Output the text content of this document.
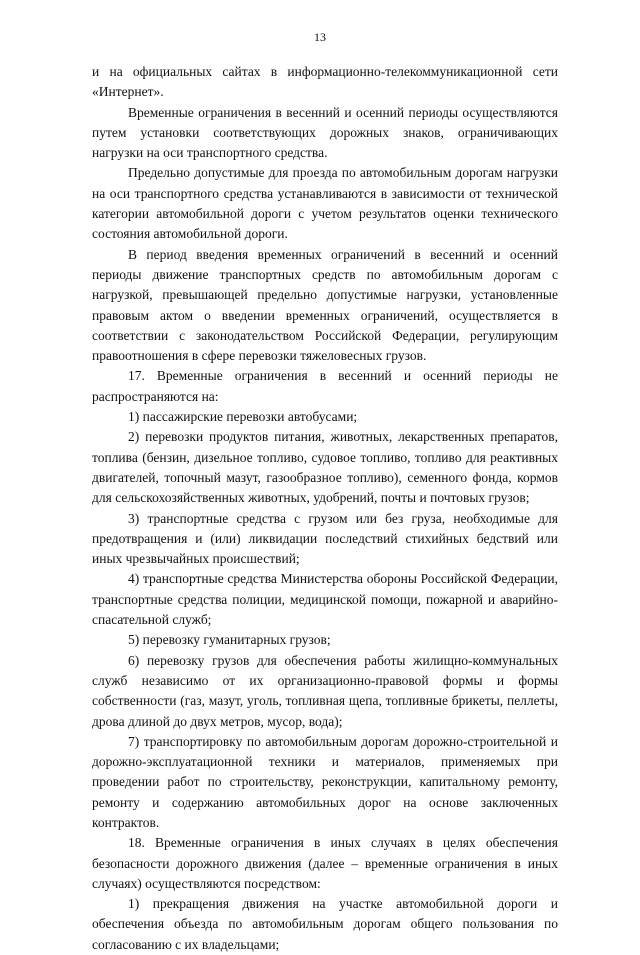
13

и на официальных сайтах в информационно-телекоммуникационной сети «Интернет».

Временные ограничения в весенний и осенний периоды осуществляются путем установки соответствующих дорожных знаков, ограничивающих нагрузки на оси транспортного средства.

Предельно допустимые для проезда по автомобильным дорогам нагрузки на оси транспортного средства устанавливаются в зависимости от технической категории автомобильной дороги с учетом результатов оценки технического состояния автомобильной дороги.

В период введения временных ограничений в весенний и осенний периоды движение транспортных средств по автомобильным дорогам с нагрузкой, превышающей предельно допустимые нагрузки, установленные правовым актом о введении временных ограничений, осуществляется в соответствии с законодательством Российской Федерации, регулирующим правоотношения в сфере перевозки тяжеловесных грузов.

17. Временные ограничения в весенний и осенний периоды не распространяются на:

1) пассажирские перевозки автобусами;

2) перевозки продуктов питания, животных, лекарственных препаратов, топлива (бензин, дизельное топливо, судовое топливо, топливо для реактивных двигателей, топочный мазут, газообразное топливо), семенного фонда, кормов для сельскохозяйственных животных, удобрений, почты и почтовых грузов;

3) транспортные средства с грузом или без груза, необходимые для предотвращения и (или) ликвидации последствий стихийных бедствий или иных чрезвычайных происшествий;

4) транспортные средства Министерства обороны Российской Федерации, транспортные средства полиции, медицинской помощи, пожарной и аварийно-спасательной служб;

5) перевозку гуманитарных грузов;

6) перевозку грузов для обеспечения работы жилищно-коммунальных служб независимо от их организационно-правовой формы и формы собственности (газ, мазут, уголь, топливная щепа, топливные брикеты, пеллеты, дрова длиной до двух метров, мусор, вода);

7) транспортировку по автомобильным дорогам дорожно-строительной и дорожно-эксплуатационной техники и материалов, применяемых при проведении работ по строительству, реконструкции, капитальному ремонту, ремонту и содержанию автомобильных дорог на основе заключенных контрактов.

18. Временные ограничения в иных случаях в целях обеспечения безопасности дорожного движения (далее – временные ограничения в иных случаях) осуществляются посредством:

1) прекращения движения на участке автомобильной дороги и обеспечения объезда по автомобильным дорогам общего пользования по согласованию с их владельцами;
